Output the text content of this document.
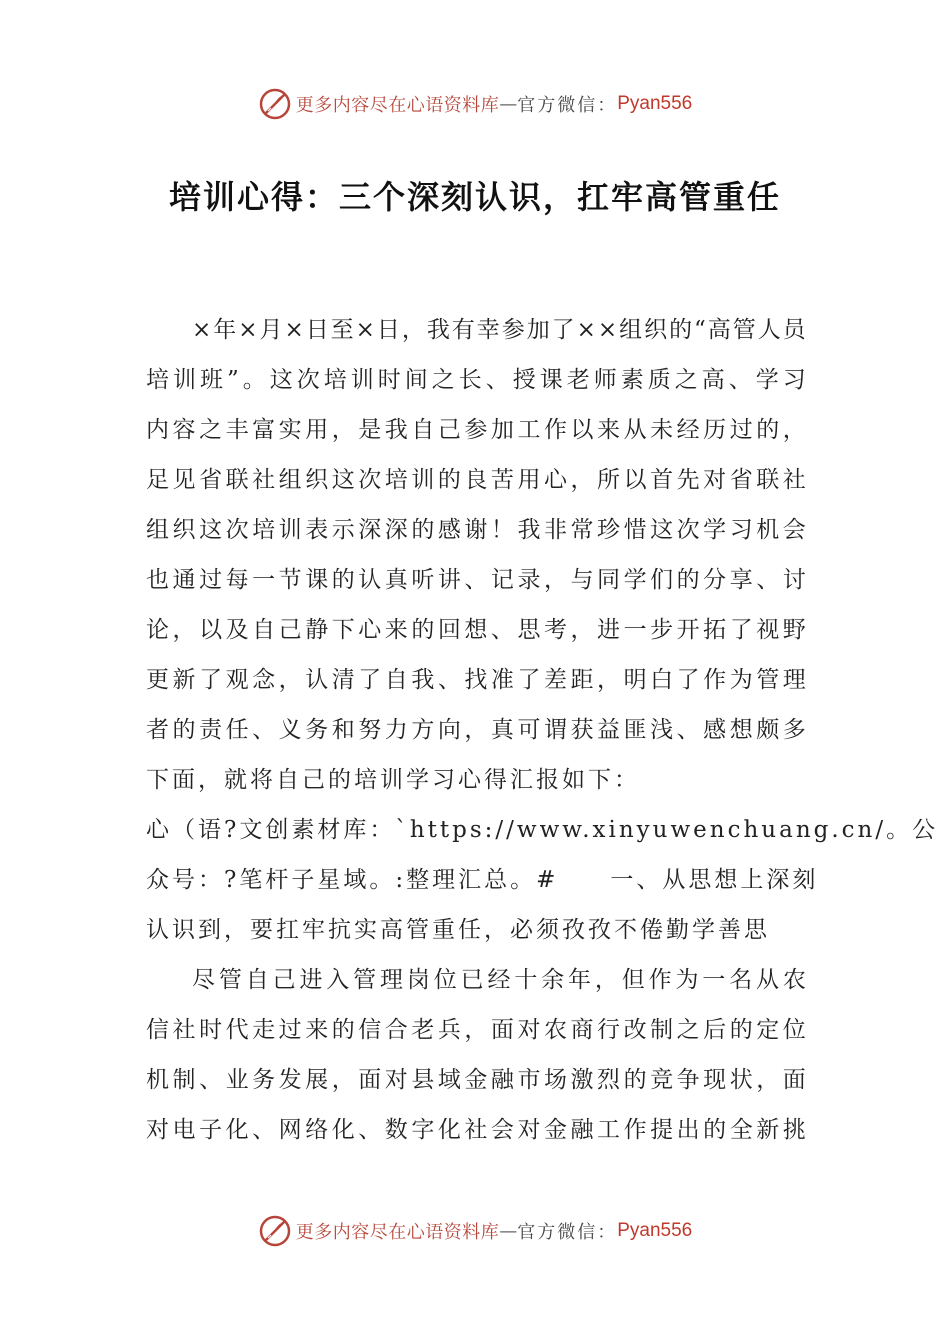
更多内容尽在心语资料库 — 官方微信： Pyan556
培训心得：三个深刻认识，扛牢高管重任
× 年 × 月 × 日 至 × 日 ， 我 有 幸 参 加 了 × × 组 织 的 “ 高 管 人 员
培 训 班 ” 。 这 次 培 训 时 间 之 长 、 授 课 老 师 素 质 之 高 、 学 习
内 容 之 丰 富 实 用 ， 是 我 自 己 参 加 工 作 以 来 从 未 经 历 过 的 ，
足 见 省 联 社 组 织 这 次 培 训 的 良 苦 用 心 ， 所 以 首 先 对 省 联 社
组 织 这 次 培 训 表 示 深 深 的 感 谢 ！ 我 非 常 珍 惜 这 次 学 习 机 会
也 通 过 每 一 节 课 的 认 真 听 讲 、 记 录 ， 与 同 学 们 的 分 享 、 讨
论 ， 以 及 自 己 静 下 心 来 的 回 想 、 思 考 ， 进 一 步 开 拓 了 视 野
更 新 了 观 念 ， 认 清 了 自 我 、 找 准 了 差 距 ， 明 白 了 作 为 管 理
者 的 责 任 、 义 务 和 努 力 方 向 ， 真 可 谓 获 益 匪 浅 、 感 想 颇 多
下面，就将自己的培训学习心得汇报如下：
心（语?文创素材库：`https://www.xinyuwenchuang.cn/。公
众号：?笔杆子星域。:整理汇总。#　　一、从思想上深刻
认识到，要扛牢抗实高管重任，必须孜孜不倦勤学善思
尽 管 自 己 进 入 管 理 岗 位 已 经 十 余 年 ， 但 作 为 一 名 从 农
信 社 时 代 走 过 来 的 信 合 老 兵 ， 面 对 农 商 行 改 制 之 后 的 定 位
机 制 、 业 务 发 展 ， 面 对 县 域 金 融 市 场 激 烈 的 竞 争 现 状 ， 面
对 电 子 化 、 网 络 化 、 数 字 化 社 会 对 金 融 工 作 提 出 的 全 新 挑
更多内容尽在心语资料库 — 官方微信： Pyan556
